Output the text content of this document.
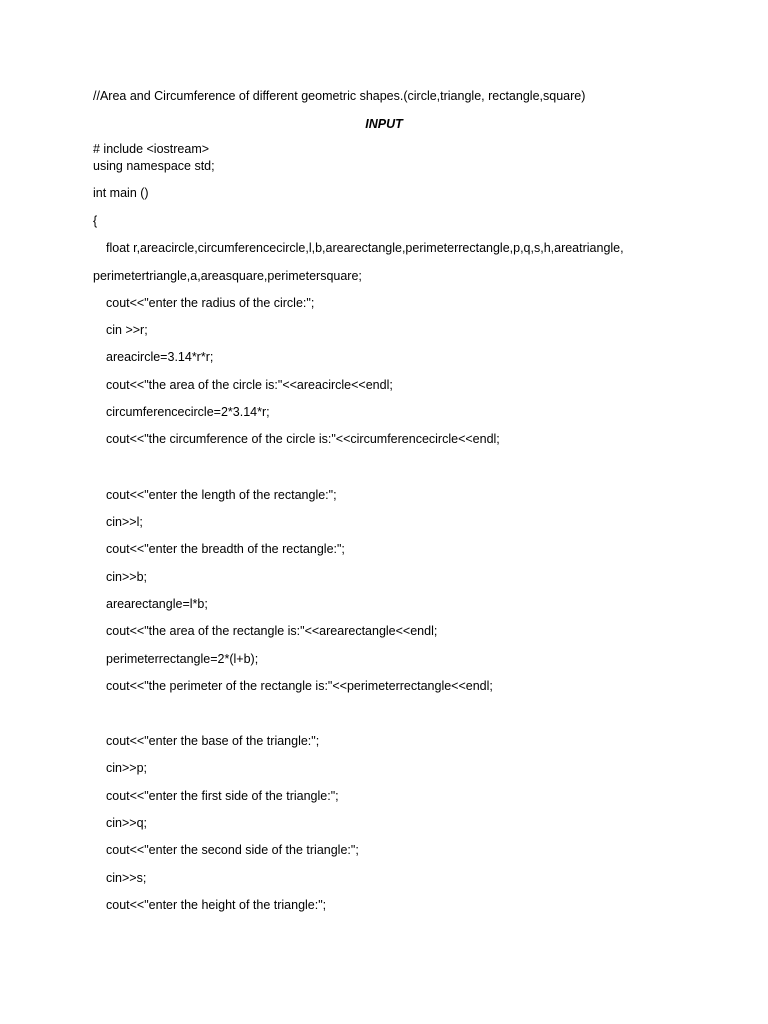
//Area and Circumference of different geometric shapes.(circle,triangle, rectangle,square)
INPUT
# include <iostream>
using namespace std;
int main ()
{
float r,areacircle,circumferencecircle,l,b,arearectangle,perimeterrectangle,p,q,s,h,areatriangle,
perimetertriangle,a,areasquare,perimetersquare;
cout<<"enter the radius of the circle:";
cin >>r;
areacircle=3.14*r*r;
cout<<"the area of the circle is:"<<areacircle<<endl;
circumferencecircle=2*3.14*r;
cout<<"the circumference of the circle is:"<<circumferencecircle<<endl;
cout<<"enter the length of the rectangle:";
cin>>l;
cout<<"enter the breadth of the rectangle:";
cin>>b;
arearectangle=l*b;
cout<<"the area of the rectangle is:"<<arearectangle<<endl;
perimeterrectangle=2*(l+b);
cout<<"the perimeter of the rectangle is:"<<perimeterrectangle<<endl;
cout<<"enter the base of the triangle:";
cin>>p;
cout<<"enter the first side of the triangle:";
cin>>q;
cout<<"enter the second side of the triangle:";
cin>>s;
cout<<"enter the height of the triangle:";
